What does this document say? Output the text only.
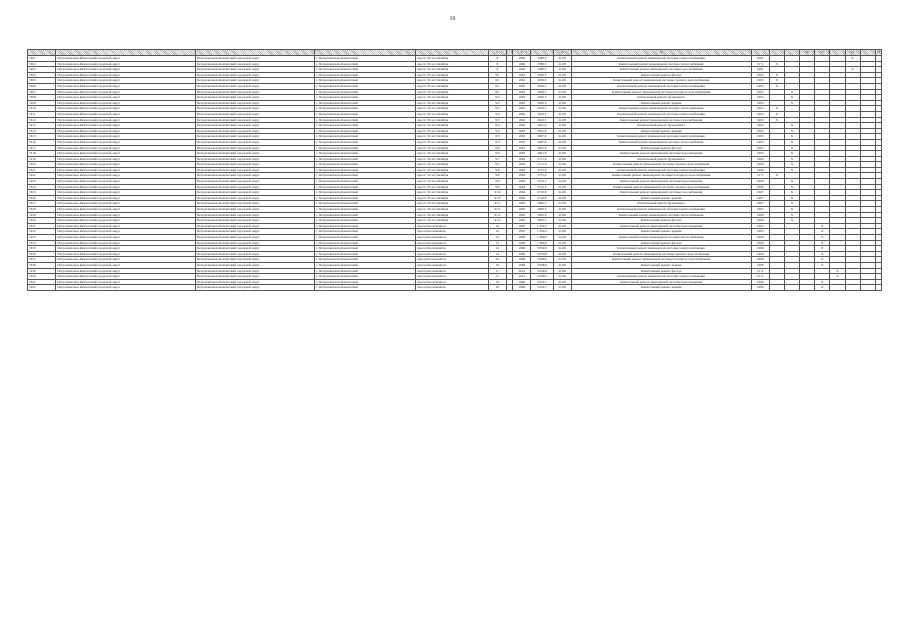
16
					6		8		10	11				16	17		19		21
7401	Петропавловск-Камчатский городской округ	Петропавловск-Камчатский городской округ	г. Петропавловск-Камчатский	просп. 50 лет Октября	8		1960	2380,3	21,08	Капитальный ремонт инженерной системы электроснабжения	1981						X		
7402	Петропавловск-Камчатский городской округ	Петропавловск-Камчатский городской округ	г. Петропавловск-Камчатский	просп. 50 лет Октября	8		1960	2380,3	21,08	Капитальный ремонт инженерной системы теплоснабжения	IV 2	X							
7403	Петропавловск-Камчатский городской округ	Петропавловск-Камчатский городской округ	г. Петропавловск-Камчатский	просп. 50 лет Октября	8		1960	2380,3	21,08	Капитальный ремонт инженерной системы газоснабжения	1981						X		
7404	Петропавловск-Камчатский городской округ	Петропавловск-Камчатский городской округ	г. Петропавловск-Камчатский	просп. 50 лет Октября	9/1		1962	2636,3	21,08	Капитальный ремонт фасада	1964	X							
7405	Петропавловск-Камчатский городской округ	Петропавловск-Камчатский городской округ	г. Петропавловск-Камчатский	просп. 50 лет Октября	9/1		1962	2636,3	21,08	Капитальный ремонт инженерной системы горячего водоснабжения	1965	X							
7406	Петропавловск-Камчатский городской округ	Петропавловск-Камчатский городской округ	г. Петропавловск-Камчатский	просп. 50 лет Октября	9/1		1962	2636,3	21,08	Капитальный ремонт инженерной системы электроснабжения	1963	X							
7407	Петропавловск-Камчатский городской округ	Петропавловск-Камчатский городской округ	г. Петропавловск-Камчатский	просп. 50 лет Октября	9/1		1962	2636,3	21,08	Капитальный ремонт инженерной системы холодного водоснабжения	1963		X						
7408	Петропавловск-Камчатский городской округ	Петропавловск-Камчатский городской округ	г. Петропавловск-Камчатский	просп. 50 лет Октября	9/2		1962	2630,3	21,08	Капитальный ремонт фундамента	1963		X						
7409	Петропавловск-Камчатский городской округ	Петропавловск-Камчатский городской округ	г. Петропавловск-Камчатский	просп. 50 лет Октября	9/2		1962	2630,3	21,08	Капитальный ремонт крыши	1963		X						
7410	Петропавловск-Камчатский городской округ	Петропавловск-Камчатский городской округ	г. Петропавловск-Камчатский	просп. 50 лет Октября	9/3		1962	2616,5	21,08	Капитальный ремонт инженерной системы теплоснабжения	1963	X							
7411	Петропавловск-Камчатский городской округ	Петропавловск-Камчатский городской округ	г. Петропавловск-Камчатский	просп. 50 лет Октября	9/3		1962	2616,5	21,08	Капитальный ремонт инженерной системы электроснабжения	1963	X							
7412	Петропавловск-Камчатский городской округ	Петропавловск-Камчатский городской округ	г. Петропавловск-Камчатский	просп. 50 лет Октября	9/3		1962	2616,5	21,08	Капитальный ремонт инженерной системы газоснабжения	1963	X							
7413	Петропавловск-Камчатский городской округ	Петропавловск-Камчатский городской округ	г. Петропавловск-Камчатский	просп. 50 лет Октября	9/4		1962	2621,6	21,08	Капитальный ремонт фундамента	1964		X						
7414	Петропавловск-Камчатский городской округ	Петропавловск-Камчатский городской округ	г. Петропавловск-Камчатский	просп. 50 лет Октября	9/4		1962	2621,6	21,08	Капитальный ремонт крыши	1964		X						
7415	Петропавловск-Камчатский городской округ	Петропавловск-Камчатский городской округ	г. Петропавловск-Камчатский	просп. 50 лет Октября	9/5		1963	2697,6	21,08	Капитальный ремонт инженерной системы электроснабжения	1965		X						
7416	Петропавловск-Камчатский городской округ	Петропавловск-Камчатский городской округ	г. Петропавловск-Камчатский	просп. 50 лет Октября	9/5		1963	2697,6	21,08	Капитальный ремонт инженерной системы теплоснабжения	1965		X						
7417	Петропавловск-Камчатский городской округ	Петропавловск-Камчатский городской округ	г. Петропавловск-Камчатский	просп. 50 лет Октября	9/6		1963	2691,8	21,08	Капитальный ремонт фасада	1965		X						
7418	Петропавловск-Камчатский городской округ	Петропавловск-Камчатский городской округ	г. Петропавловск-Камчатский	просп. 50 лет Октября	9/6		1963	2691,8	21,08	Капитальный ремонт инженерной системы водоотведения	1965		X						
7419	Петропавловск-Камчатский городской округ	Петропавловск-Камчатский городской округ	г. Петропавловск-Камчатский	просп. 50 лет Октября	9/7		1964	2711,0	21,08	Капитальный ремонт фундамента	1966		X						
7420	Петропавловск-Камчатский городской округ	Петропавловск-Камчатский городской округ	г. Петропавловск-Камчатский	просп. 50 лет Октября	9/7		1964	2711,0	21,08	Капитальный ремонт инженерной системы горячего водоснабжения	1966		X						
7421	Петропавловск-Камчатский городской округ	Петропавловск-Камчатский городской округ	г. Петропавловск-Камчатский	просп. 50 лет Октября	9/8		1964	2715,6	21,08	Капитальный ремонт инженерной системы электроснабжения	1966		X						
7422	Петропавловск-Камчатский городской округ	Петропавловск-Камчатский городской округ	г. Петропавловск-Камчатский	просп. 50 лет Октября	9/8		1964	2715,6	21,08	Капитальный ремонт инженерной системы холодного водоснабжения	IV 2	X							
7423	Петропавловск-Камчатский городской округ	Петропавловск-Камчатский городской округ	г. Петропавловск-Камчатский	просп. 50 лет Октября	9/9		1964	2714,5	21,08	Капитальный ремонт инженерной системы водоотведения	1966		X						
7424	Петропавловск-Камчатский городской округ	Петропавловск-Камчатский городской округ	г. Петропавловск-Камчатский	просп. 50 лет Октября	9/9		1964	2714,5	21,08	Капитальный ремонт инженерной системы горячего водоснабжения	1966		X						
7425	Петропавловск-Камчатский городской округ	Петропавловск-Камчатский городской округ	г. Петропавловск-Камчатский	просп. 50 лет Октября	9/10		1964	2716,8	21,08	Капитальный ремонт инженерной системы газоснабжения	1967		X						
7426	Петропавловск-Камчатский городской округ	Петропавловск-Камчатский городской округ	г. Петропавловск-Камчатский	просп. 50 лет Октября	9/10		1964	2716,8	21,08	Капитальный ремонт крыши	1967		X						
7427	Петропавловск-Камчатский городской округ	Петропавловск-Камчатский городской округ	г. Петропавловск-Камчатский	просп. 50 лет Октября	9/11		1965	2846,3	21,08	Капитальный ремонт фундамента	1967		X						
7428	Петропавловск-Камчатский городской округ	Петропавловск-Камчатский городской округ	г. Петропавловск-Камчатский	просп. 50 лет Октября	9/11		1965	2846,3	21,08	Капитальный ремонт инженерной системы электроснабжения	1967		X						
7429	Петропавловск-Камчатский городской округ	Петропавловск-Камчатский городской округ	г. Петропавловск-Камчатский	просп. 50 лет Октября	9/12		1965	2835,5	21,08	Капитальный ремонт инженерной системы теплоснабжения	1968		X						
7430	Петропавловск-Камчатский городской округ	Петропавловск-Камчатский городской округ	г. Петропавловск-Камчатский	просп. 50 лет Октября	9/12		1965	2835,5	21,08	Капитальный ремонт фасада	1968		X						
7431	Петропавловск-Камчатский городской округ	Петропавловск-Камчатский городской округ	г. Петропавловск-Камчатский	проезд Космонавтов	10		1965	1 459,3	21,08	Капитальный ремонт инженерной системы водоотведения	1965				X				
7432	Петропавловск-Камчатский городской округ	Петропавловск-Камчатский городской округ	г. Петропавловск-Камчатский	проезд Космонавтов	10		1965	1 459,3	21,08	Капитальный ремонт крыши	1965				X				
7433	Петропавловск-Камчатский городской округ	Петропавловск-Камчатский городской округ	г. Петропавловск-Камчатский	проезд Космонавтов	12		1966	1 480,6	21,08	Капитальный ремонт инженерной системы теплоснабжения	1966				X				
7434	Петропавловск-Камчатский городской округ	Петропавловск-Камчатский городской округ	г. Петропавловск-Камчатский	проезд Космонавтов	12		1966	1 480,6	21,08	Капитальный ремонт фасада	1966				X				
7435	Петропавловск-Камчатский городской округ	Петропавловск-Камчатский городской округ	г. Петропавловск-Камчатский	проезд Космонавтов	14		1966	3 059,8	21,08	Капитальный ремонт инженерной системы электроснабжения	1966				X				
7436	Петропавловск-Камчатский городской округ	Петропавловск-Камчатский городской округ	г. Петропавловск-Камчатский	проезд Космонавтов	14		1966	3 059,8	21,08	Капитальный ремонт инженерной системы горячего водоснабжения	1966				X				
7437	Петропавловск-Камчатский городской округ	Петропавловск-Камчатский городской округ	г. Петропавловск-Камчатский	проезд Космонавтов	16		1968	3 068,9	21,08	Капитальный ремонт инженерной системы холодного водоснабжения	1968				X				
7438	Петропавловск-Камчатский городской округ	Петропавловск-Камчатский городской округ	г. Петропавловск-Камчатский	проезд Космонавтов	16		1968	3 068,9	21,08	Капитальный ремонт крыши	1968				X				
7439	Петропавловск-Камчатский городской округ	Петропавловск-Камчатский городской округ	г. Петропавловск-Камчатский	проезд Космонавтов	17		2014	3 040,0	21,08	Капитальный ремонт фасада	IV 4					X			
7440	Петропавловск-Камчатский городской округ	Петропавловск-Камчатский городской округ	г. Петропавловск-Камчатский	проезд Космонавтов	17		2014	3 040,0	21,08	Капитальный ремонт инженерной системы электроснабжения	IV 4					X			
7441	Петропавловск-Камчатский городской округ	Петропавловск-Камчатский городской округ	г. Петропавловск-Камчатский	проезд Космонавтов	18		1966	3 024,7	21,08	Капитальный ремонт инженерной системы водоотведения	1966				X				
7442	Петропавловск-Камчатский городской округ	Петропавловск-Камчатский городской округ	г. Петропавловск-Камчатский	проезд Космонавтов	18		1966	3 024,7	21,08	Капитальный ремонт крыши	1966				X				
